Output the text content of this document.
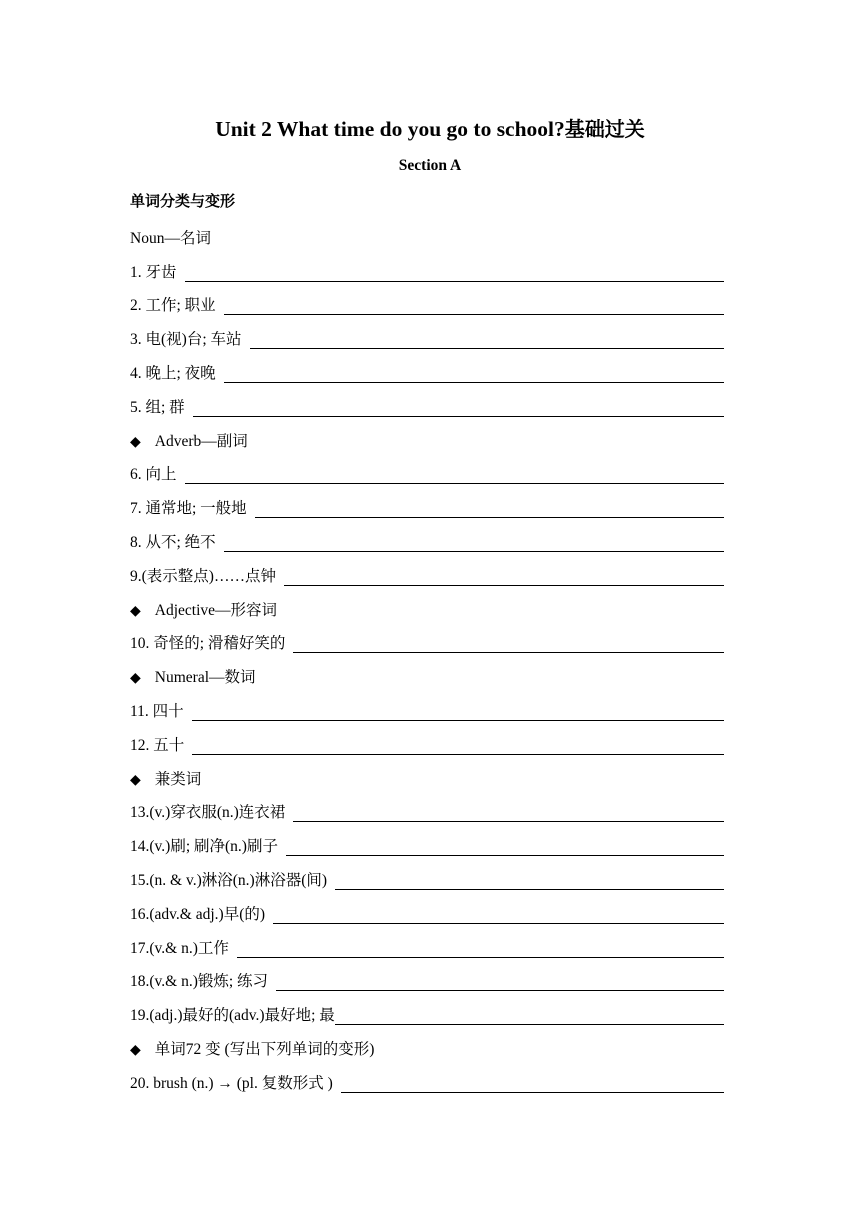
Unit 2 What time do you go to school?基础过关
Section A
单词分类与变形
Noun—名词
1. 牙齿
2. 工作; 职业
3. 电(视)台; 车站
4. 晚上; 夜晚
5. 组; 群
◆ Adverb—副词
6. 向上
7. 通常地; 一般地
8. 从不; 绝不
9.(表示整点)……点钟
◆ Adjective—形容词
10. 奇怪的; 滑稽好笑的
◆ Numeral—数词
11. 四十
12. 五十
◆ 兼类词
13.(v.)穿衣服(n.)连衣裙
14.(v.)刷; 刷净(n.)刷子
15.(n. & v.)淋浴(n.)淋浴器(间)
16.(adv.& adj.)早(的)
17.(v.& n.)工作
18.(v.& n.)锻炼; 练习
19.(adj.)最好的(adv.)最好地; 最
◆ 单词72 变 (写出下列单词的变形)
20. brush (n.) → (pl. 复数形式 )
